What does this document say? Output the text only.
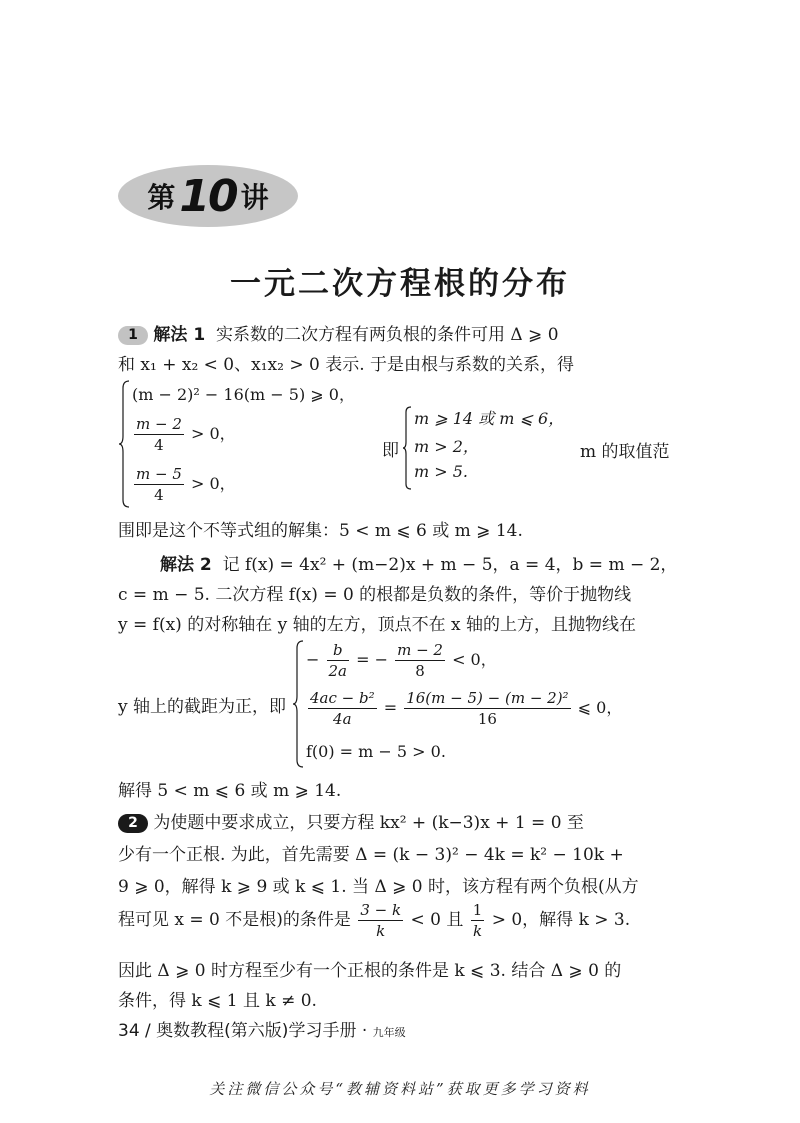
第 10 讲
一元二次方程根的分布
1 解法 1 实系数的二次方程有两负根的条件可用 Δ ⩾ 0
和 x₁ + x₂ < 0、x₁x₂ > 0 表示. 于是由根与系数的关系，得
(m − 2)² − 16(m − 5) ⩾ 0，
$\frac{m - 2}{4} > 0$，
$\frac{m - 5}{4} > 0$，
即
m ⩾ 14 或 m ⩽ 6，
m > 2，
m > 5.
m 的取值范
围即是这个不等式组的解集：5 < m ⩽ 6 或 m ⩾ 14.
解法 2 记 f(x) = 4x² + (m−2)x + m − 5，a = 4，b = m − 2，
c = m − 5. 二次方程 f(x) = 0 的根都是负数的条件，等价于抛物线
y = f(x) 的对称轴在 y 轴的左方，顶点不在 x 轴的上方，且抛物线在
y 轴上的截距为正，即
− $\frac{b}{2a}$ = − $\frac{m - 2}{8} < 0$，
$\frac{\text{4ac − b²}}{4a} = \frac{\text{16(m − 5) − (m − 2)²}}{16}$ ⩽ 0，
f(0) = m − 5 > 0.
解得 5 < m ⩽ 6 或 m ⩾ 14.
2 为使题中要求成立，只要方程 kx² + (k−3)x + 1 = 0 至
少有一个正根. 为此，首先需要 Δ = (k − 3)² − 4k = k² − 10k +
9 ⩾ 0，解得 k ⩾ 9 或 k ⩽ 1. 当 Δ ⩾ 0 时，该方程有两个负根(从方
程可见 x = 0 不是根)的条件是 $\frac{3 - k}{k} < 0$ 且 $\frac{1}{k} > 0$，解得 k > 3.
因此 Δ ⩾ 0 时方程至少有一个正根的条件是 k ⩽ 3. 结合 Δ ⩾ 0 的
条件，得 k ⩽ 1 且 k ≠ 0.
34 / 奥数教程(第六版)学习手册 · 九年级
关注微信公众号“教辅资料站”获取更多学习资料
